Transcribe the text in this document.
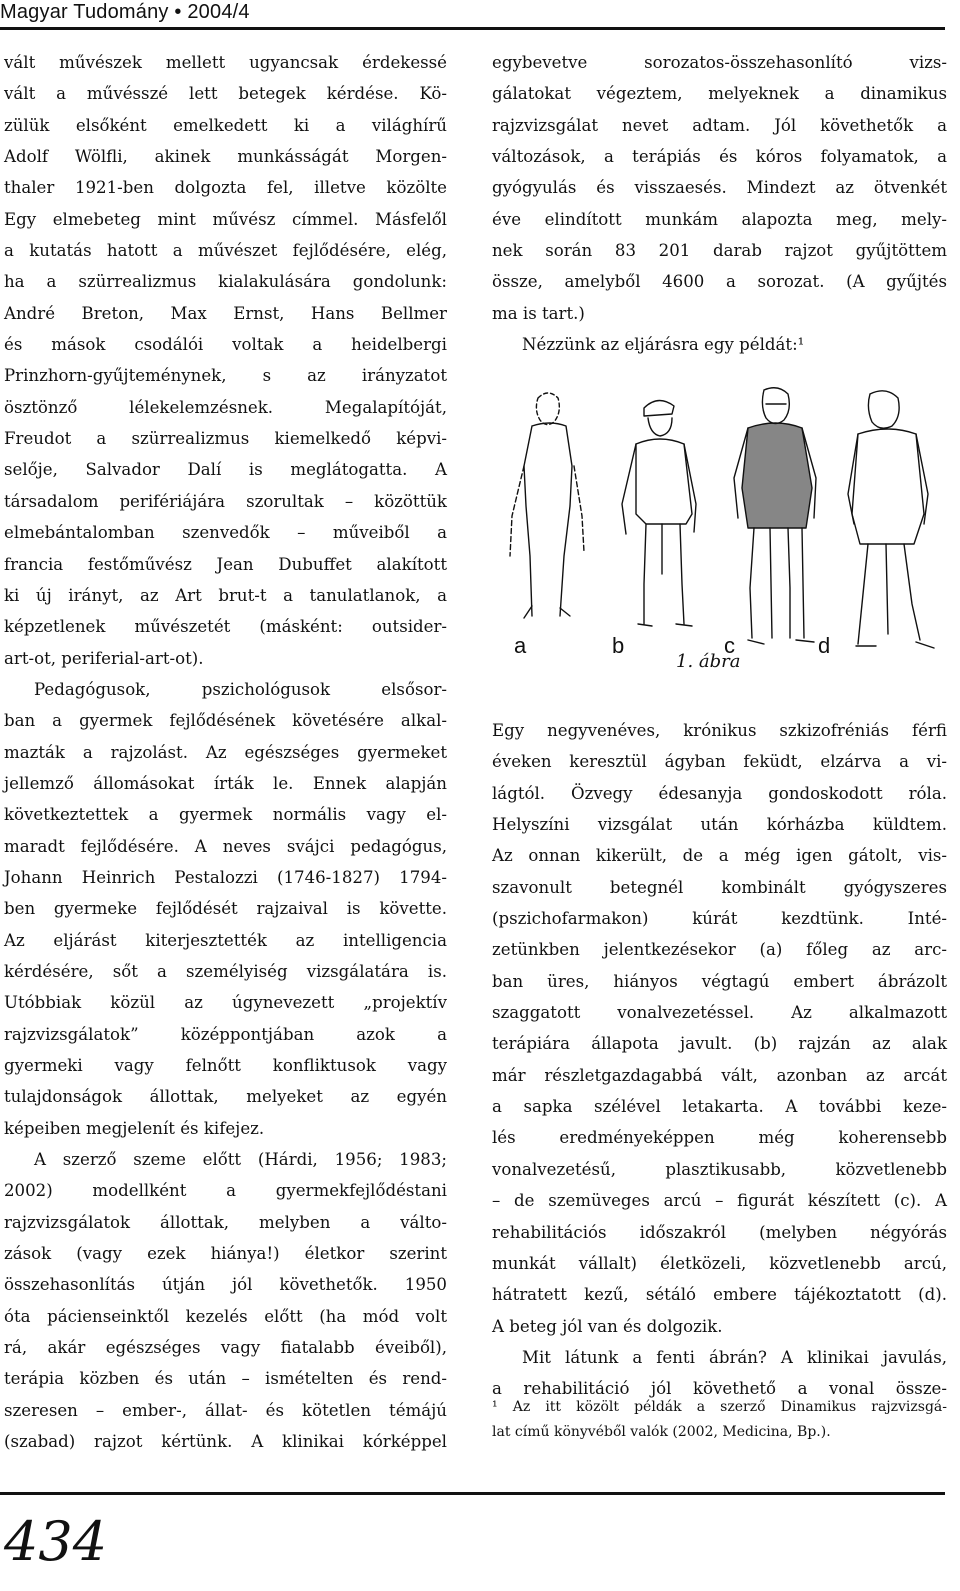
Magyar Tudomány • 2004/4
vált művészek mellett ugyancsak érdekessé
vált a művésszé lett betegek kérdése. Kö-
zülük elsőként emelkedett ki a világhírű
Adolf Wölfli, akinek munkásságát Morgen-
thaler 1921-ben dolgozta fel, illetve közölte
Egy elmebeteg mint művész címmel. Másfelől
a kutatás hatott a művészet fejlődésére, elég,
ha a szürrealizmus kialakulására gondolunk:
André Breton, Max Ernst, Hans Bellmer
és mások csodálói voltak a heidelbergi
Prinzhorn-gyűjteménynek, s az irányzatot
ösztönző lélekelemzésnek. Megalapítóját,
Freudot a szürrealizmus kiemelkedő képvi-
selője, Salvador Dalí is meglátogatta. A
társadalom perifériájára szorultak – közöttük
elmebántalomban szenvedők – műveiből a
francia festőművész Jean Dubuffet alakított
ki új irányt, az Art brut-t a tanulatlanok, a
képzetlenek művészetét (másként: outsider-
art-ot, periferial-art-ot).
Pedagógusok, pszichológusok elsősor-
ban a gyermek fejlődésének követésére alkal-
mazták a rajzolást. Az egészséges gyermeket
jellemző állomásokat írták le. Ennek alapján
következtettek a gyermek normális vagy el-
maradt fejlődésére. A neves svájci pedagógus,
Johann Heinrich Pestalozzi (1746-1827) 1794-
ben gyermeke fejlődését rajzaival is követte.
Az eljárást kiterjesztették az intelligencia
kérdésére, sőt a személyiség vizsgálatára is.
Utóbbiak közül az úgynevezett „projektív
rajzvizsgálatok” középpontjában azok a
gyermeki vagy felnőtt konfliktusok vagy
tulajdonságok állottak, melyeket az egyén
képeiben megjelenít és kifejez.
A szerző szeme előtt (Hárdi, 1956; 1983;
2002) modellként a gyermekfejlődéstani
rajzvizsgálatok állottak, melyben a válto-
zások (vagy ezek hiánya!) életkor szerint
összehasonlítás útján jól követhetők. 1950
óta pácienseinktől kezelés előtt (ha mód volt
rá, akár egészséges vagy fiatalabb éveiből),
terápia közben és után – ismételten és rend-
szeresen – ember-, állat- és kötetlen témájú
(szabad) rajzot kértünk. A klinikai kórképpel
egybevetve sorozatos-összehasonlító vizs-
gálatokat végeztem, melyeknek a dinamikus
rajzvizsgálat nevet adtam. Jól követhetők a
változások, a terápiás és kóros folyamatok, a
gyógyulás és visszaesés. Mindezt az ötvenkét
éve elindított munkám alapozta meg, mely-
nek során 83 201 darab rajzot gyűjtöttem
össze, amelyből 4600 a sorozat. (A gyűjtés
ma is tart.)
Nézzünk az eljárásra egy példát:¹
a	b	c	d
1. ábra
Egy negyvenéves, krónikus szkizofréniás férfi
éveken keresztül ágyban feküdt, elzárva a vi-
lágtól. Özvegy édesanyja gondoskodott róla.
Helyszíni vizsgálat után kórházba küldtem.
Az onnan kikerült, de a még igen gátolt, vis-
szavonult betegnél kombinált gyógyszeres
(pszichofarmakon) kúrát kezdtünk. Inté-
zetünkben jelentkezésekor (a) főleg az arc-
ban üres, hiányos végtagú embert ábrázolt
szaggatott vonalvezetéssel. Az alkalmazott
terápiára állapota javult. (b) rajzán az alak
már részletgazdagabbá vált, azonban az arcát
a sapka szélével letakarta. A további keze-
lés eredményeképpen még koherensebb
vonalvezetésű, plasztikusabb, közvetlenebb
– de szemüveges arcú – figurát készített (c). A
rehabilitációs időszakról (melyben négyórás
munkát vállalt) életközeli, közvetlenebb arcú,
hátratett kezű, sétáló embere tájékoztatott (d).
A beteg jól van és dolgozik.
Mit látunk a fenti ábrán? A klinikai javulás,
a rehabilitáció jól követhető a vonal össze-
¹ Az itt közölt példák a szerző Dinamikus rajzvizsgá-
lat című könyvéből valók (2002, Medicina, Bp.).
434
